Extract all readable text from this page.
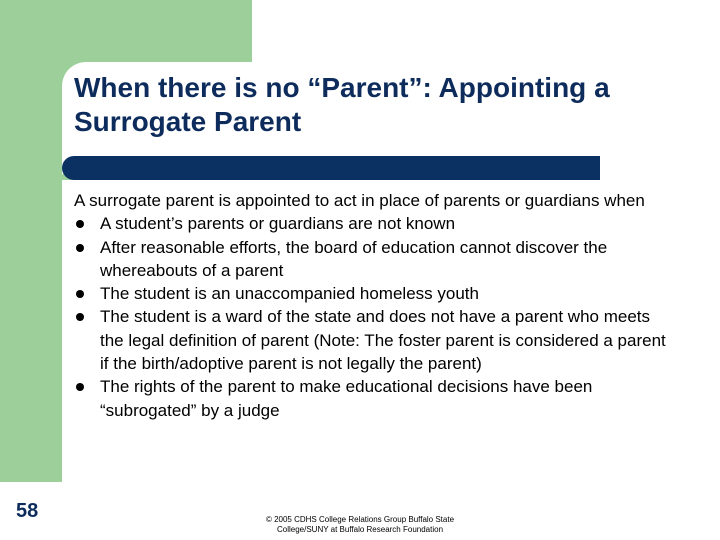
When there is no “Parent”: Appointing a Surrogate Parent

A surrogate parent is appointed to act in place of parents or guardians when

A student’s parents or guardians are not known
After reasonable efforts, the board of education cannot discover the whereabouts of a parent
The student is an unaccompanied homeless youth
The student is a ward of the state and does not have a parent who meets the legal definition of parent (Note: The foster parent is considered a parent if the birth/adoptive parent is not legally the parent)
The rights of the parent to make educational decisions have been “subrogated” by a judge
58	© 2005 CDHS College Relations Group Buffalo State
College/SUNY at Buffalo Research Foundation
